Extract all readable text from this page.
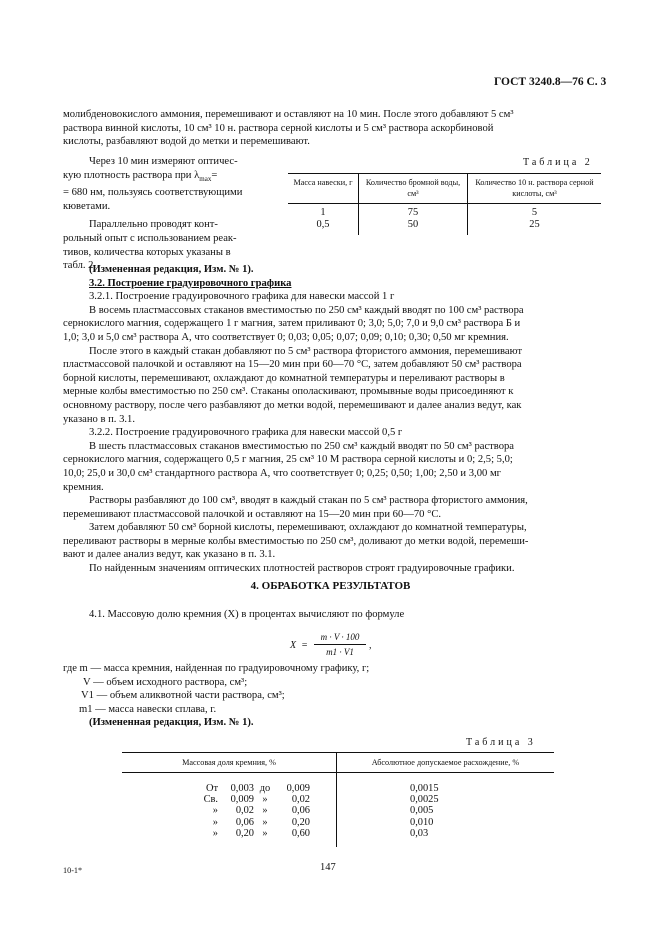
ГОСТ 3240.8—76 С. 3

молибденовокислого аммония, перемешивают и оставляют на 10 мин. После этого добавляют 5 см³

раствора винной кислоты, 10 см³ 10 н. раствора серной кислоты и 5 см³ раствора аскорбиновой

кислоты, разбавляют водой до метки и перемешивают.

Через 10 мин измеряют оптичес-

кую плотность раствора при $\lambda_{max}=$

= 680 нм, пользуясь соответствующими

кюветами.

Параллельно проводят конт-

рольный опыт с использованием реак-

тивов, количества которых указаны в

табл. 2.

Таблица 2
Масса навески, г	Количество бромной воды, см³	Количество 10 н. раствора серной кислоты, см³
1	75	5
0,5	50	25

(Измененная редакция, Изм. № 1).

3.2. Построение градуировочного графика

3.2.1. Построение градуировочного графика для навески массой 1 г

В восемь пластмассовых стаканов вместимостью по 250 см³ каждый вводят по 100 см³ раствора

сернокислого магния, содержащего 1 г магния, затем приливают 0; 3,0; 5,0; 7,0 и 9,0 см³ раствора Б и

1,0; 3,0 и 5,0 см³ раствора А, что соответствует 0; 0,03; 0,05; 0,07; 0,09; 0,10; 0,30; 0,50 мг кремния.

После этого в каждый стакан добавляют по 5 см³ раствора фтористого аммония, перемешивают

пластмассовой палочкой и оставляют на 15—20 мин при 60—70 °С, затем добавляют 50 см³ раствора

борной кислоты, перемешивают, охлаждают до комнатной температуры и переливают растворы в

мерные колбы вместимостью по 250 см³. Стаканы ополаскивают, промывные воды присоединяют к

основному раствору, после чего разбавляют до метки водой, перемешивают и далее анализ ведут, как

указано в п. 3.1.

3.2.2. Построение градуировочного графика для навески массой 0,5 г

В шесть пластмассовых стаканов вместимостью по 250 см³ каждый вводят по 50 см³ раствора

сернокислого магния, содержащего 0,5 г магния, 25 см³ 10 М раствора серной кислоты и 0; 2,5; 5,0;

10,0; 25,0 и 30,0 см³ стандартного раствора А, что соответствует 0; 0,25; 0,50; 1,00; 2,50 и 3,00 мг

кремния.

Растворы разбавляют до 100 см³, вводят в каждый стакан по 5 см³ раствора фтористого аммония,

перемешивают пластмассовой палочкой и оставляют на 15—20 мин при 60—70 °С.

Затем добавляют 50 см³ борной кислоты, перемешивают, охлаждают до комнатной температуры,

переливают растворы в мерные колбы вместимостью по 250 см³, доливают до метки водой, перемеши-

вают и далее анализ ведут, как указано в п. 3.1.

По найденным значениям оптических плотностей растворов строят градуировочные графики.

4. ОБРАБОТКА РЕЗУЛЬТАТОВ

4.1. Массовую долю кремния (X) в процентах вычисляют по формуле

X  =
m · V · 100
m1 · V1
,

где m — масса кремния, найденная по градуировочному графику, г;

V — объем исходного раствора, см³;

V1 — объем аликвотной части раствора, см³;

m1 — масса навески сплава, г.

(Измененная редакция, Изм. № 1).

Таблица 3
Массовая доля кремния, %	Абсолютное допускаемое расхождение, %
От 0,003 до 0,009	0,0015
Св. 0,009 » 0,02	0,0025
» 0,02 » 0,06	0,005
» 0,06 » 0,20	0,010
» 0,20 » 0,60	0,03
10-1*	147
